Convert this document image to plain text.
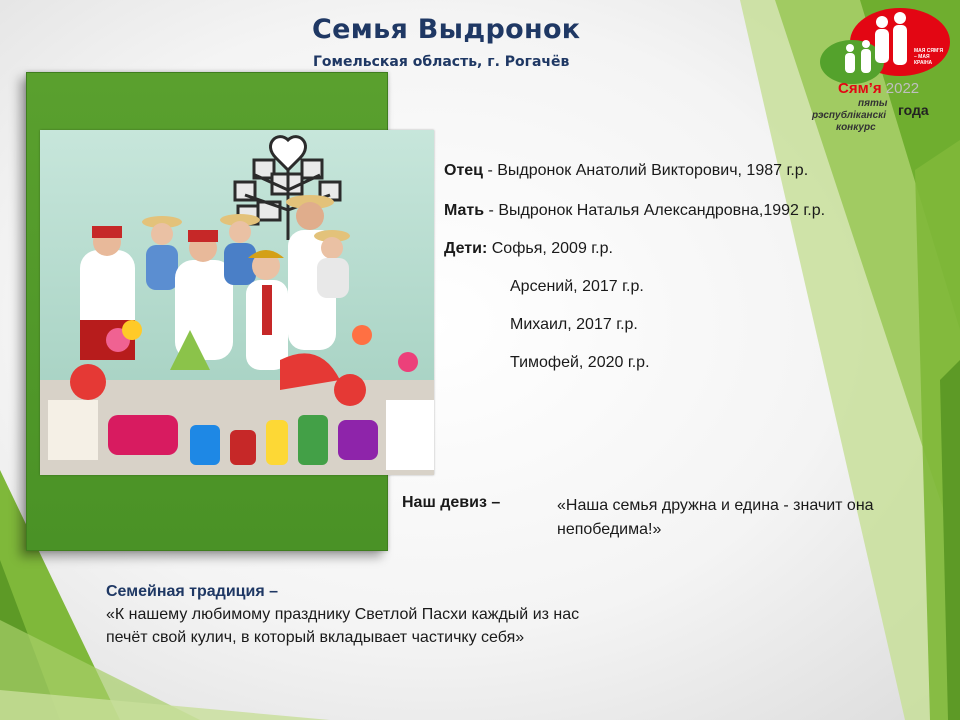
Семья Выдронок

Гомельская область, г. Рогачёв

МАЯ СЯМ’Я – МАЯ КРАІНА
Сям’я 2022
пяты года
рэспубліканскі
конкурс
Отец - Выдронок Анатолий Викторович, 1987 г.р.
Мать - Выдронок Наталья Александровна,1992 г.р.
Дети: Софья, 2009 г.р.
Арсений, 2017 г.р.
Михаил, 2017 г.р.
Тимофей, 2020 г.р.
Наш девиз –	«Наша семья дружна и едина - значит она непобедима!»
Семейная традиция –
«К нашему любимому празднику Светлой Пасхи каждый из нас печёт свой кулич, в который вкладывает частичку себя»
